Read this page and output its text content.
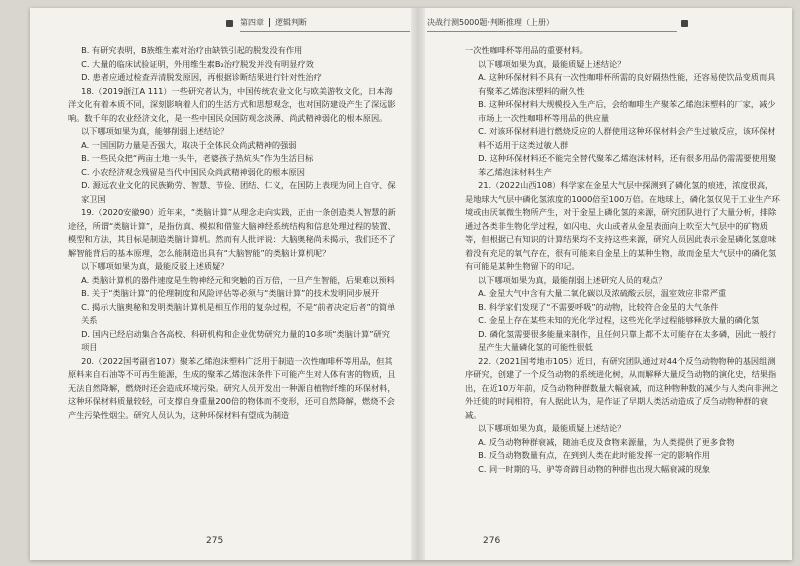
第四章 逻辑判断

B. 有研究表明，B族维生素对治疗由缺铁引起的脱发没有作用

C. 大量的临床试验证明，外用维生素B₂治疗脱发并没有明显疗效

D. 患者应通过检查弄清脱发原因，再根据诊断结果进行针对性治疗

18.（2019浙江A 111）一些研究者认为，中国传统农业文化与欧美游牧文化，日本海洋文化有着本质不同，深刻影响着人们的生活方式和思想观念，也对国防建设产生了深远影响。数千年的农业经济文化，是一些中国民众国防观念淡薄、尚武精神弱化的根本原因。

以下哪项如果为真，能够削弱上述结论？

A. 一国国防力量是否强大，取决于全体民众尚武精神的强弱

B. 一些民众把“两亩土地一头牛，老婆孩子热炕头”作为生活目标

C. 小农经济观念残留是当代中国民众尚武精神弱化的根本原因

D. 源远农业文化的民族勤劳、智慧、节俭、团结、仁义，在国防上表现为同上自守、保家卫国

19.（2020安徽90）近年来，“类脑计算”从理念走向实践，正由一条创造类人智慧的新途径，所谓“类脑计算”，是指仿真、模拟和借鉴大脑神经系统结构和信息处理过程的装置、模型和方法，其目标是制造类脑计算机。然而有人批评说：大脑奥秘尚未揭示，我们还不了解智能背后的基本原理，怎么能制造出具有“大脑智能”的类脑计算机呢？

以下哪项如果为真，最能反驳上述质疑？

A. 类脑计算机的器件速度是生物神经元和突触的百万倍，一旦产生智能，后果难以预料

B. 关于“类脑计算”的伦理制度和风险评估等必须与“类脑计算”的技术发明同步展开

C. 揭示大脑奥秘和发明类脑计算机是相互作用的复杂过程，不是“前者决定后者”的简单关系

D. 国内已经启动集合各高校、科研机构和企业优势研究力量的10多项“类脑计算”研究项目

20.（2022国考副省107）聚苯乙烯泡沫塑料广泛用于制造一次性咖啡杯等用品，但其原料来自石油等不可再生能源，生成的聚苯乙烯泡沫条件下可能产生对人体有害的物质，且无法自然降解，燃烧时还会造成环境污染。研究人员开发出一种源自植物纤维的环保材料，这种环保材料质量较轻，可支撑自身重量200倍的物体而不变形，还可自然降解，燃烧不会产生污染性烟尘。研究人员认为，这种环保材料有望成为制造

275
决战行测5000题·判断推理（上册）

一次性咖啡杯等用品的重要材料。

以下哪项如果为真，最能质疑上述结论？

A. 这种环保材料不具有一次性咖啡杯所需的良好隔热性能，还容易使饮品变质而具有聚苯乙烯泡沫塑料的耐久性

B. 这种环保材料大规模投入生产后，会给咖啡生产聚苯乙烯泡沫塑料的厂家，减少市场上一次性咖啡杯等用品的供应量

C. 对该环保材料进行燃烧反应的人群使用这种环保材料会产生过敏反应，该环保材料不适用于这类过敏人群

D. 这种环保材料还不能完全替代聚苯乙烯泡沫材料，还有很多用品仍需需要使用聚苯乙烯泡沫材料生产

21.（2022山西108）科学家在金星大气层中探测到了磷化氢的痕迹，浓度很高，是地球大气层中磷化氢浓度的1000倍至100万倍。在地球上，磷化氢仅见于工业生产环境或由厌氧微生物所产生，对于金星上磷化氢的来源，研究团队进行了大量分析，排除通过各类非生物化学过程，如闪电、火山或者从金星表面向上吹至大气层中的矿物质等，但根据已有知识的计算结果均不支持这些来源，研究人员因此表示金星磷化氢意味着没有充足的氧气存在，很有可能来自金星上的某种生物，故而金星大气层中的磷化氢有可能是某种生物留下的印记。

以下哪项如果为真，最能削弱上述研究人员的观点？

A. 金星大气中含有大量二氧化碳以及浓硫酸云层，温室效应非常严重

B. 科学家们发现了“不需要呼吸”的动物，比较符合金星的大气条件

C. 金星上存在某些未知的光化学过程，这些光化学过程能够释放大量的磷化氢

D. 磷化氢需要很多能量来制作，且任何只靠上都不太可能存在太多磷，因此一般行星产生大量磷化氢的可能性很低

22.（2021国考地市105）近日，有研究团队通过对44个反刍动物物种的基因组测序研究，创建了一个反刍动物的系统进化树，从而解释大量反刍动物的演化史，结果指出，在近10万年前，反刍动物种群数量大幅衰减，而这种物种数的减少与人类向非洲之外迁徙的时间相符，有人据此认为，是作证了早期人类活动造成了反刍动物种群的衰减。

以下哪项如果为真，最能质疑上述结论？

A. 反刍动物种群衰减，随油毛皮及食物来源量，为人类提供了更多食物

B. 反刍动物数量有点，在到到人类在此时能发挥一定的影响作用

C. 同一时期的马、驴等奇蹄目动物的种群也出现大幅衰减的现象

276
